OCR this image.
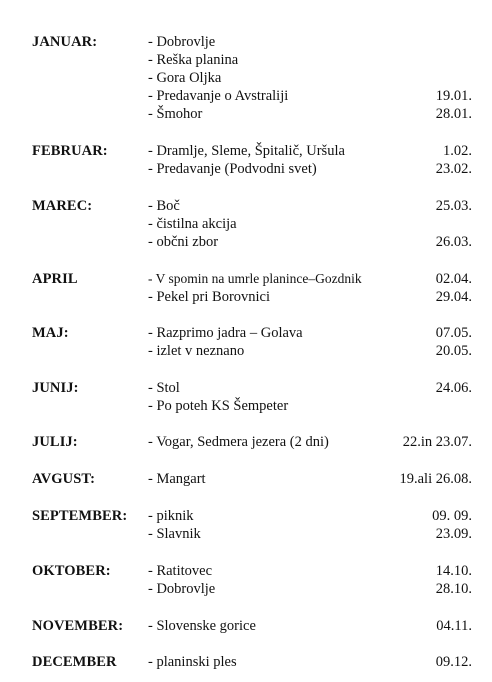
JANUAR:	- Dobrovlje
- Reška planina
- Gora Oljka
- Predavanje o Avstraliji	19.01.
- Šmohor	28.01.
FEBRUAR:	- Dramlje, Sleme, Špitalič, Uršula	1.02.
- Predavanje (Podvodni svet)	23.02.
MAREC:	- Boč	25.03.
- čistilna akcija
- občni zbor	26.03.
APRIL	- V spomin na umrle planince–Gozdnik	02.04.
- Pekel pri Borovnici	29.04.
MAJ:	- Razprimo jadra – Golava	07.05.
- izlet v neznano	20.05.
JUNIJ:	- Stol	24.06.
- Po poteh KS Šempeter
JULIJ:	- Vogar, Sedmera jezera (2 dni)	22.in 23.07.
AVGUST:	- Mangart	19.ali 26.08.
SEPTEMBER: - piknik	09. 09.
- Slavnik	23.09.
OKTOBER:	- Ratitovec	14.10.
- Dobrovlje	28.10.
NOVEMBER: - Slovenske gorice	04.11.
DECEMBER - planinski ples	09.12.
